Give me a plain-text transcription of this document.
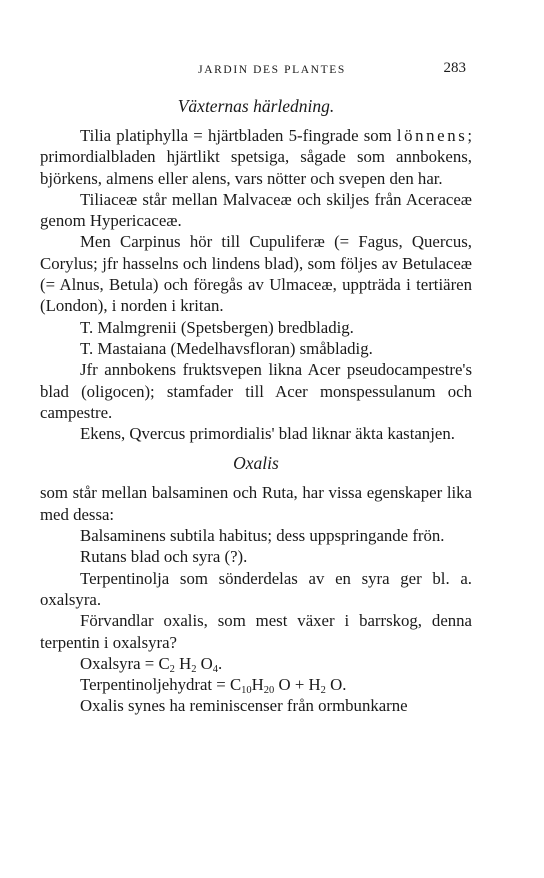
JARDIN DES PLANTES	283
Växternas härledning.

Tilia platiphylla = hjärtbladen 5-fingrade som lönnens; primordialbladen hjärtlikt spetsiga, sågade som annbokens, björkens, almens eller alens, vars nötter och svepen den har.

Tiliaceæ står mellan Malvaceæ och skiljes från Aceraceæ genom Hypericaceæ.

Men Carpinus hör till Cupuliferæ (= Fagus, Quercus, Corylus; jfr hasselns och lindens blad), som följes av Betulaceæ (= Alnus, Betula) och föregås av Ulmaceæ, uppträda i tertiären (London), i norden i kritan.

T. Malmgrenii (Spetsbergen) bredbladig.

T. Mastaiana (Medelhavsfloran) småbladig.

Jfr annbokens fruktsvepen likna Acer pseudocampestre's blad (oligocen); stamfader till Acer monspessulanum och campestre.

Ekens, Qvercus primordialis' blad liknar äkta kastanjen.

Oxalis

som står mellan balsaminen och Ruta, har vissa egenskaper lika med dessa:

Balsaminens subtila habitus; dess uppspringande frön.

Rutans blad och syra (?).

Terpentinolja som sönderdelas av en syra ger bl. a. oxalsyra.

Förvandlar oxalis, som mest växer i barrskog, denna terpentin i oxalsyra?

Oxalsyra = $C_2$ $H_2$ $O_4$.

Terpentinoljehydrat = $C_{10}H_{20}$ $O + H_2$ O.

Oxalis synes ha reminiscenser från ormbunkarne
